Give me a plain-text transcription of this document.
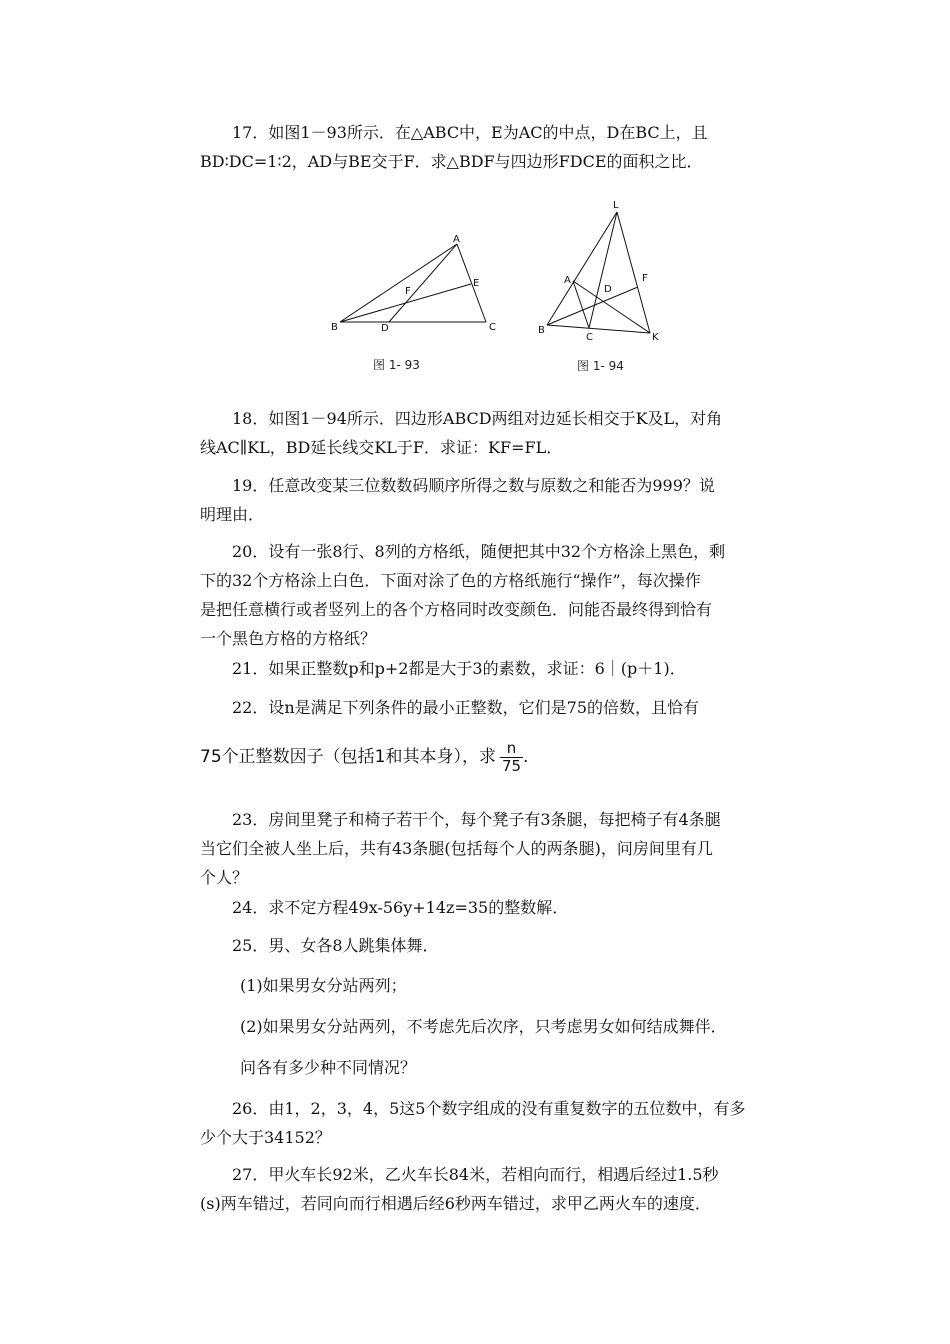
17．如图1－93所示．在△ABC中，E为AC的中点，D在BC上，且
BD∶DC=1∶2，AD与BE交于F．求△BDF与四边形FDCE的面积之比．
A
B	C
D
E
F
图 1- 93
L
A	F
D
B
C	K
图 1- 94
18．如图1－94所示．四边形ABCD两组对边延长相交于K及L，对角
线AC∥KL，BD延长线交KL于F．求证：KF=FL．
19．任意改变某三位数数码顺序所得之数与原数之和能否为999？说
明理由．
20．设有一张8行、8列的方格纸，随便把其中32个方格涂上黑色，剩
下的32个方格涂上白色．下面对涂了色的方格纸施行“操作”，每次操作
是把任意横行或者竖列上的各个方格同时改变颜色．问能否最终得到恰有
一个黑色方格的方格纸？
21．如果正整数p和p+2都是大于3的素数，求证：6｜(p＋1)．
22．设n是满足下列条件的最小正整数，它们是75的倍数，且恰有
75个正整数因子（包括1和其本身），求 $\frac{n}{75}$ .
23．房间里凳子和椅子若干个，每个凳子有3条腿，每把椅子有4条腿
当它们全被人坐上后，共有43条腿(包括每个人的两条腿)，问房间里有几
个人？
24．求不定方程49x-56y+14z=35的整数解．
25．男、女各8人跳集体舞．
(1)如果男女分站两列；
(2)如果男女分站两列，不考虑先后次序，只考虑男女如何结成舞伴．
问各有多少种不同情况？
26．由1，2，3，4，5这5个数字组成的没有重复数字的五位数中，有多
少个大于34152？
27．甲火车长92米，乙火车长84米，若相向而行，相遇后经过1.5秒
(s)两车错过，若同向而行相遇后经6秒两车错过，求甲乙两火车的速度．
